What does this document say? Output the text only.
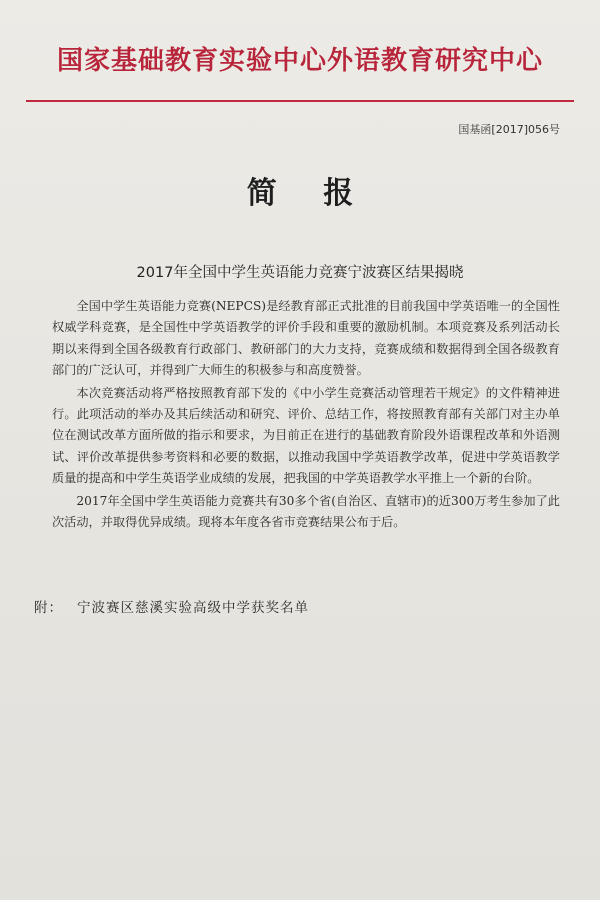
国家基础教育实验中心外语教育研究中心
国基函[2017]056号
简 报
2017年全国中学生英语能力竞赛宁波赛区结果揭晓

全国中学生英语能力竞赛(NEPCS)是经教育部正式批准的目前我国中学英语唯一的全国性权威学科竞赛，是全国性中学英语教学的评价手段和重要的激励机制。本项竞赛及系列活动长期以来得到全国各级教育行政部门、教研部门的大力支持，竞赛成绩和数据得到全国各级教育部门的广泛认可，并得到广大师生的积极参与和高度赞誉。

本次竞赛活动将严格按照教育部下发的《中小学生竞赛活动管理若干规定》的文件精神进行。此项活动的举办及其后续活动和研究、评价、总结工作，将按照教育部有关部门对主办单位在测试改革方面所做的指示和要求，为目前正在进行的基础教育阶段外语课程改革和外语测试、评价改革提供参考资料和必要的数据，以推动我国中学英语教学改革，促进中学英语教学质量的提高和中学生英语学业成绩的发展，把我国的中学英语教学水平推上一个新的台阶。

2017年全国中学生英语能力竞赛共有30多个省(自治区、直辖市)的近300万考生参加了此次活动，并取得优异成绩。现将本年度各省市竞赛结果公布于后。

附： 宁波赛区慈溪实验高级中学获奖名单
